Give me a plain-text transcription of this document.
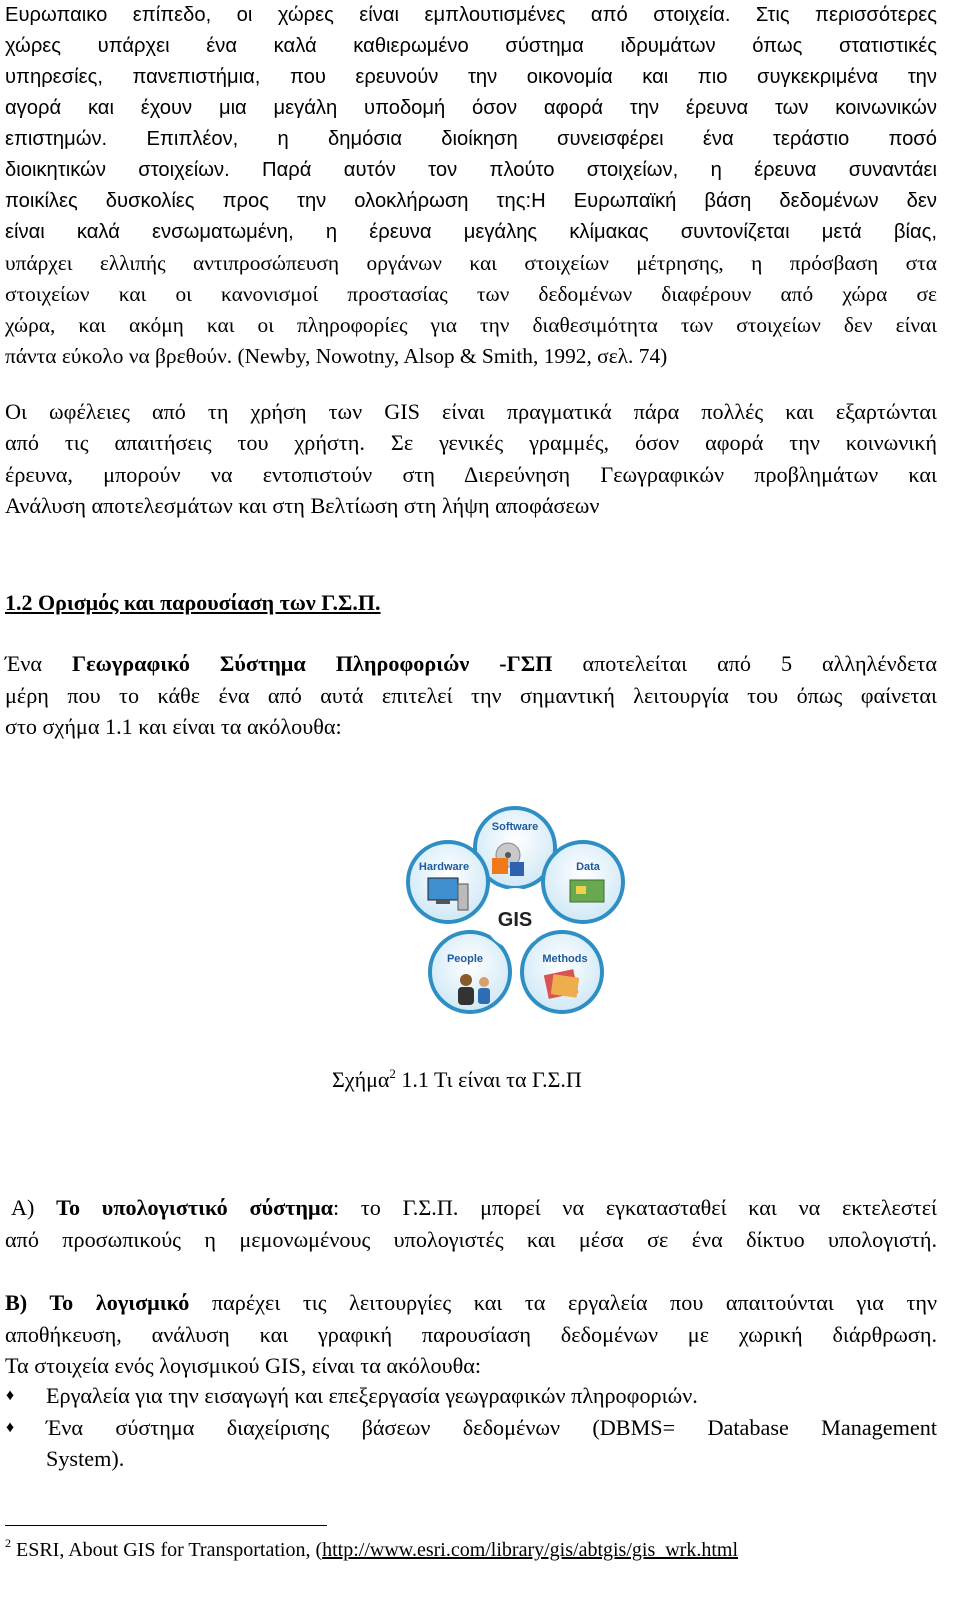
Ευρωπαικο επίπεδο, οι χώρες είναι εμπλουτισμένες από στοιχεία. Στις περισσότερες
χώρες υπάρχει ένα καλά καθιερωμένο σύστημα ιδρυμάτων όπως στατιστικές
υπηρεσίες, πανεπιστήμια, που ερευνούν την οικονομία και πιο συγκεκριμένα την
αγορά και έχουν μια μεγάλη υποδομή όσον αφορά την έρευνα των κοινωνικών
επιστημών. Επιπλέον, η δημόσια διοίκηση συνεισφέρει ένα τεράστιο ποσό
διοικητικών στοιχείων. Παρά αυτόν τον πλούτο στοιχείων, η έρευνα συναντάει
ποικίλες δυσκολίες προς την ολοκλήρωση της:Η Ευρωπαϊκή βάση δεδομένων δεν
είναι καλά ενσωματωμένη, η έρευνα μεγάλης κλίμακας συντονίζεται μετά βίας,
υπάρχει ελλιπής αντιπροσώπευση οργάνων και στοιχείων μέτρησης, η πρόσβαση στα
στοιχείων και οι κανονισμοί προστασίας των δεδομένων διαφέρουν από χώρα σε
χώρα, και ακόμη και οι πληροφορίες για την διαθεσιμότητα των στοιχείων δεν είναι
πάντα εύκολο να βρεθούν. (Newby, Nowotny, Alsop & Smith, 1992, σελ. 74)

Οι ωφέλειες από τη χρήση των GIS είναι πραγματικά πάρα πολλές και εξαρτώνται
από τις απαιτήσεις του χρήστη. Σε γενικές γραμμές, όσον αφορά την κοινωνική
έρευνα, μπορούν να εντοπιστούν στη Διερεύνηση Γεωγραφικών προβλημάτων και
Ανάλυση αποτελεσμάτων και στη Βελτίωση στη λήψη αποφάσεων

1.2 Ορισμός και παρουσίαση των Γ.Σ.Π.

Ένα Γεωγραφικό Σύστημα Πληροφοριών -ΓΣΠ αποτελείται από 5 αλληλένδετα
μέρη που το κάθε ένα από αυτά επιτελεί την σημαντική λειτουργία του όπως φαίνεται
στο σχήμα 1.1 και είναι τα ακόλουθα:

Software
Data
Methods
People
Hardware
GIS
Σχήμα$^2$ 1.1 Τι είναι τα Γ.Σ.Π

Α) Το υπολογιστικό σύστημα: το Γ.Σ.Π. μπορεί να εγκατασταθεί και να εκτελεστεί
από προσωπικούς η μεμονωμένους υπολογιστές και μέσα σε ένα δίκτυο υπολογιστή.

Β) Το λογισμικό παρέχει τις λειτουργίες και τα εργαλεία που απαιτούνται για την
αποθήκευση, ανάλυση και γραφική παρουσίαση δεδομένων με χωρική διάρθρωση.
Τα στοιχεία ενός λογισμικού GIS, είναι τα ακόλουθα:

♦	Εργαλεία για την εισαγωγή και επεξεργασία γεωγραφικών πληροφοριών.
♦	Ένα σύστημα διαχείρισης βάσεων δεδομένων (DBMS= Database Management
System).
$^2$ ESRI, About GIS for Transportation, (http://www.esri.com/library/gis/abtgis/gis_wrk.html
